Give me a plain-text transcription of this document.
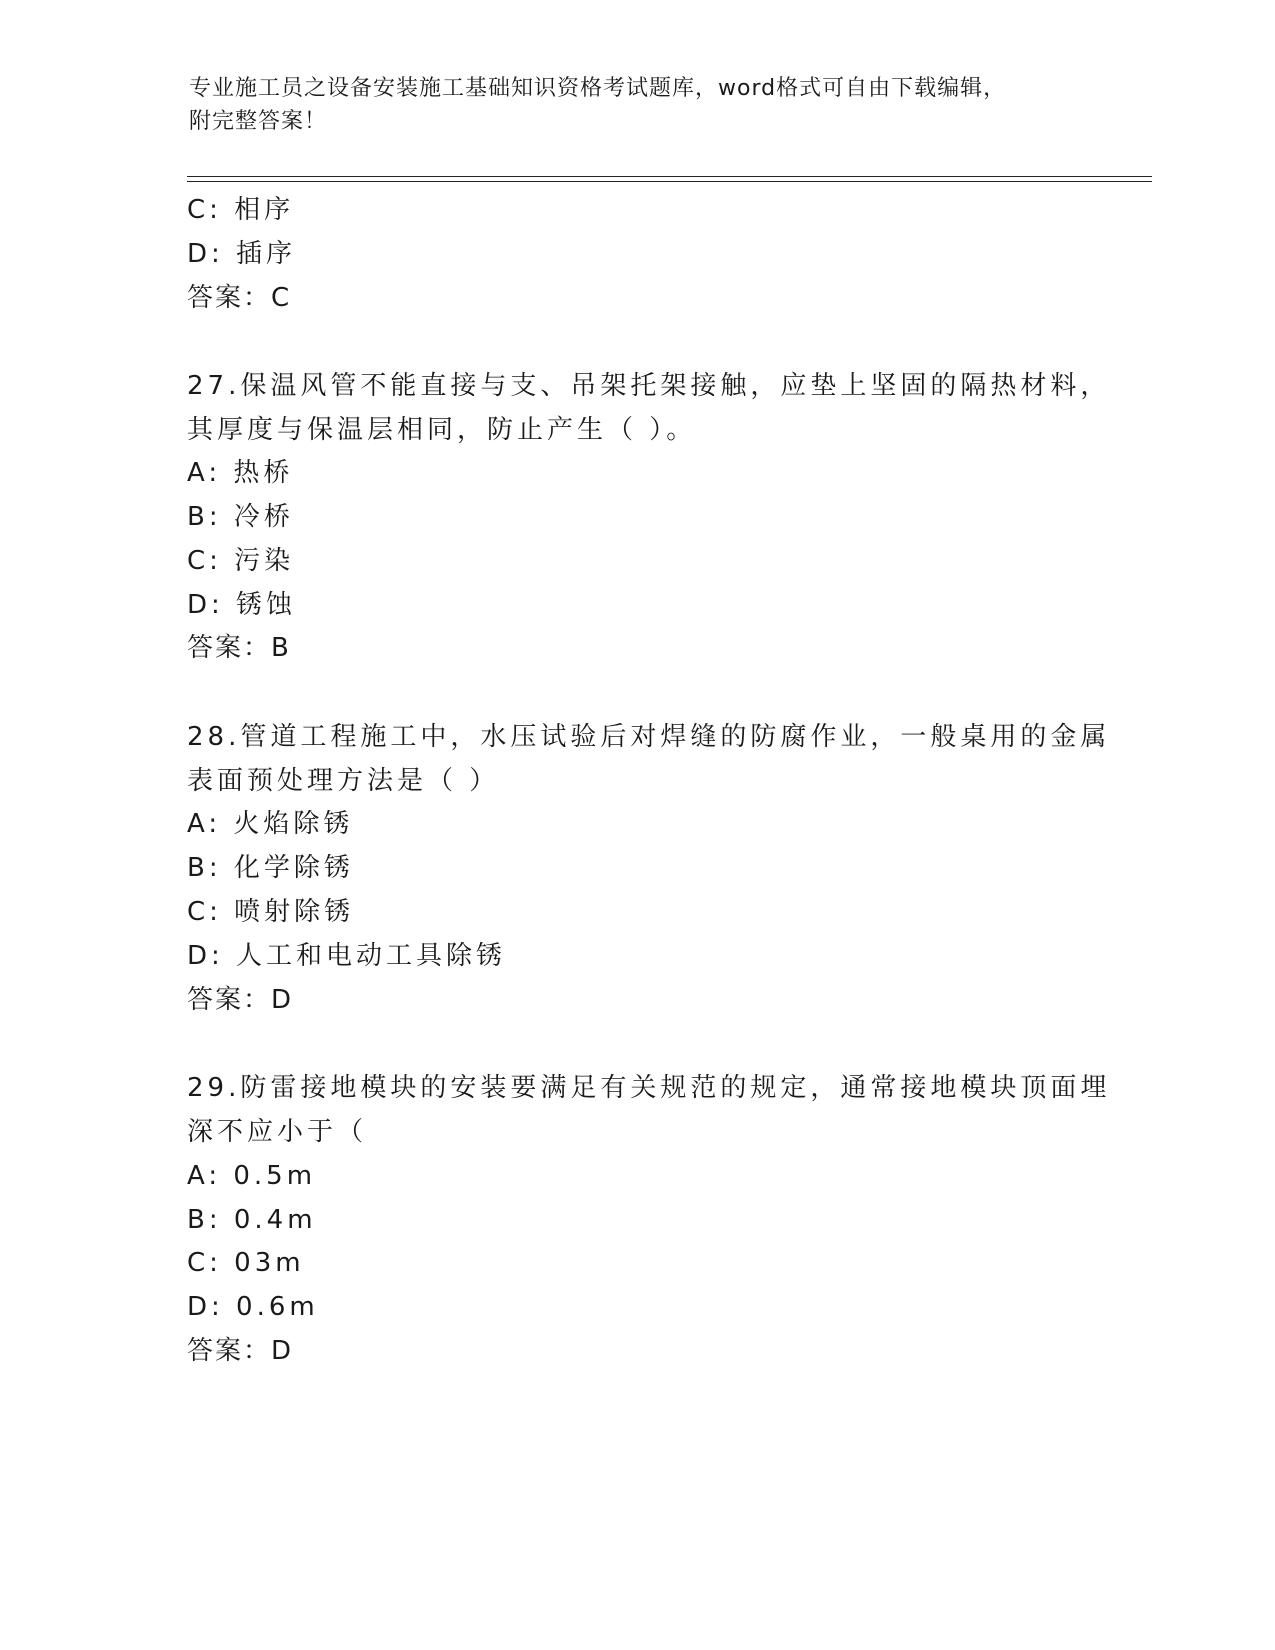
专业施工员之设备安装施工基础知识资格考试题库，word格式可自由下载编辑，
附完整答案！
C: 相序
D: 插序
答案：C
27.保温风管不能直接与支、吊架托架接触，应垫上坚固的隔热材料，
其厚度与保温层相同，防止产生（ ）。
A: 热桥
B: 冷桥
C: 污染
D: 锈蚀
答案：B
28.管道工程施工中，水压试验后对焊缝的防腐作业，一般桌用的金属
表面预处理方法是（ ）
A: 火焰除锈
B: 化学除锈
C: 喷射除锈
D: 人工和电动工具除锈
答案：D
29.防雷接地模块的安装要满足有关规范的规定，通常接地模块顶面埋
深不应小于（
A: 0.5m
B: 0.4m
C: 03m
D: 0.6m
答案：D
